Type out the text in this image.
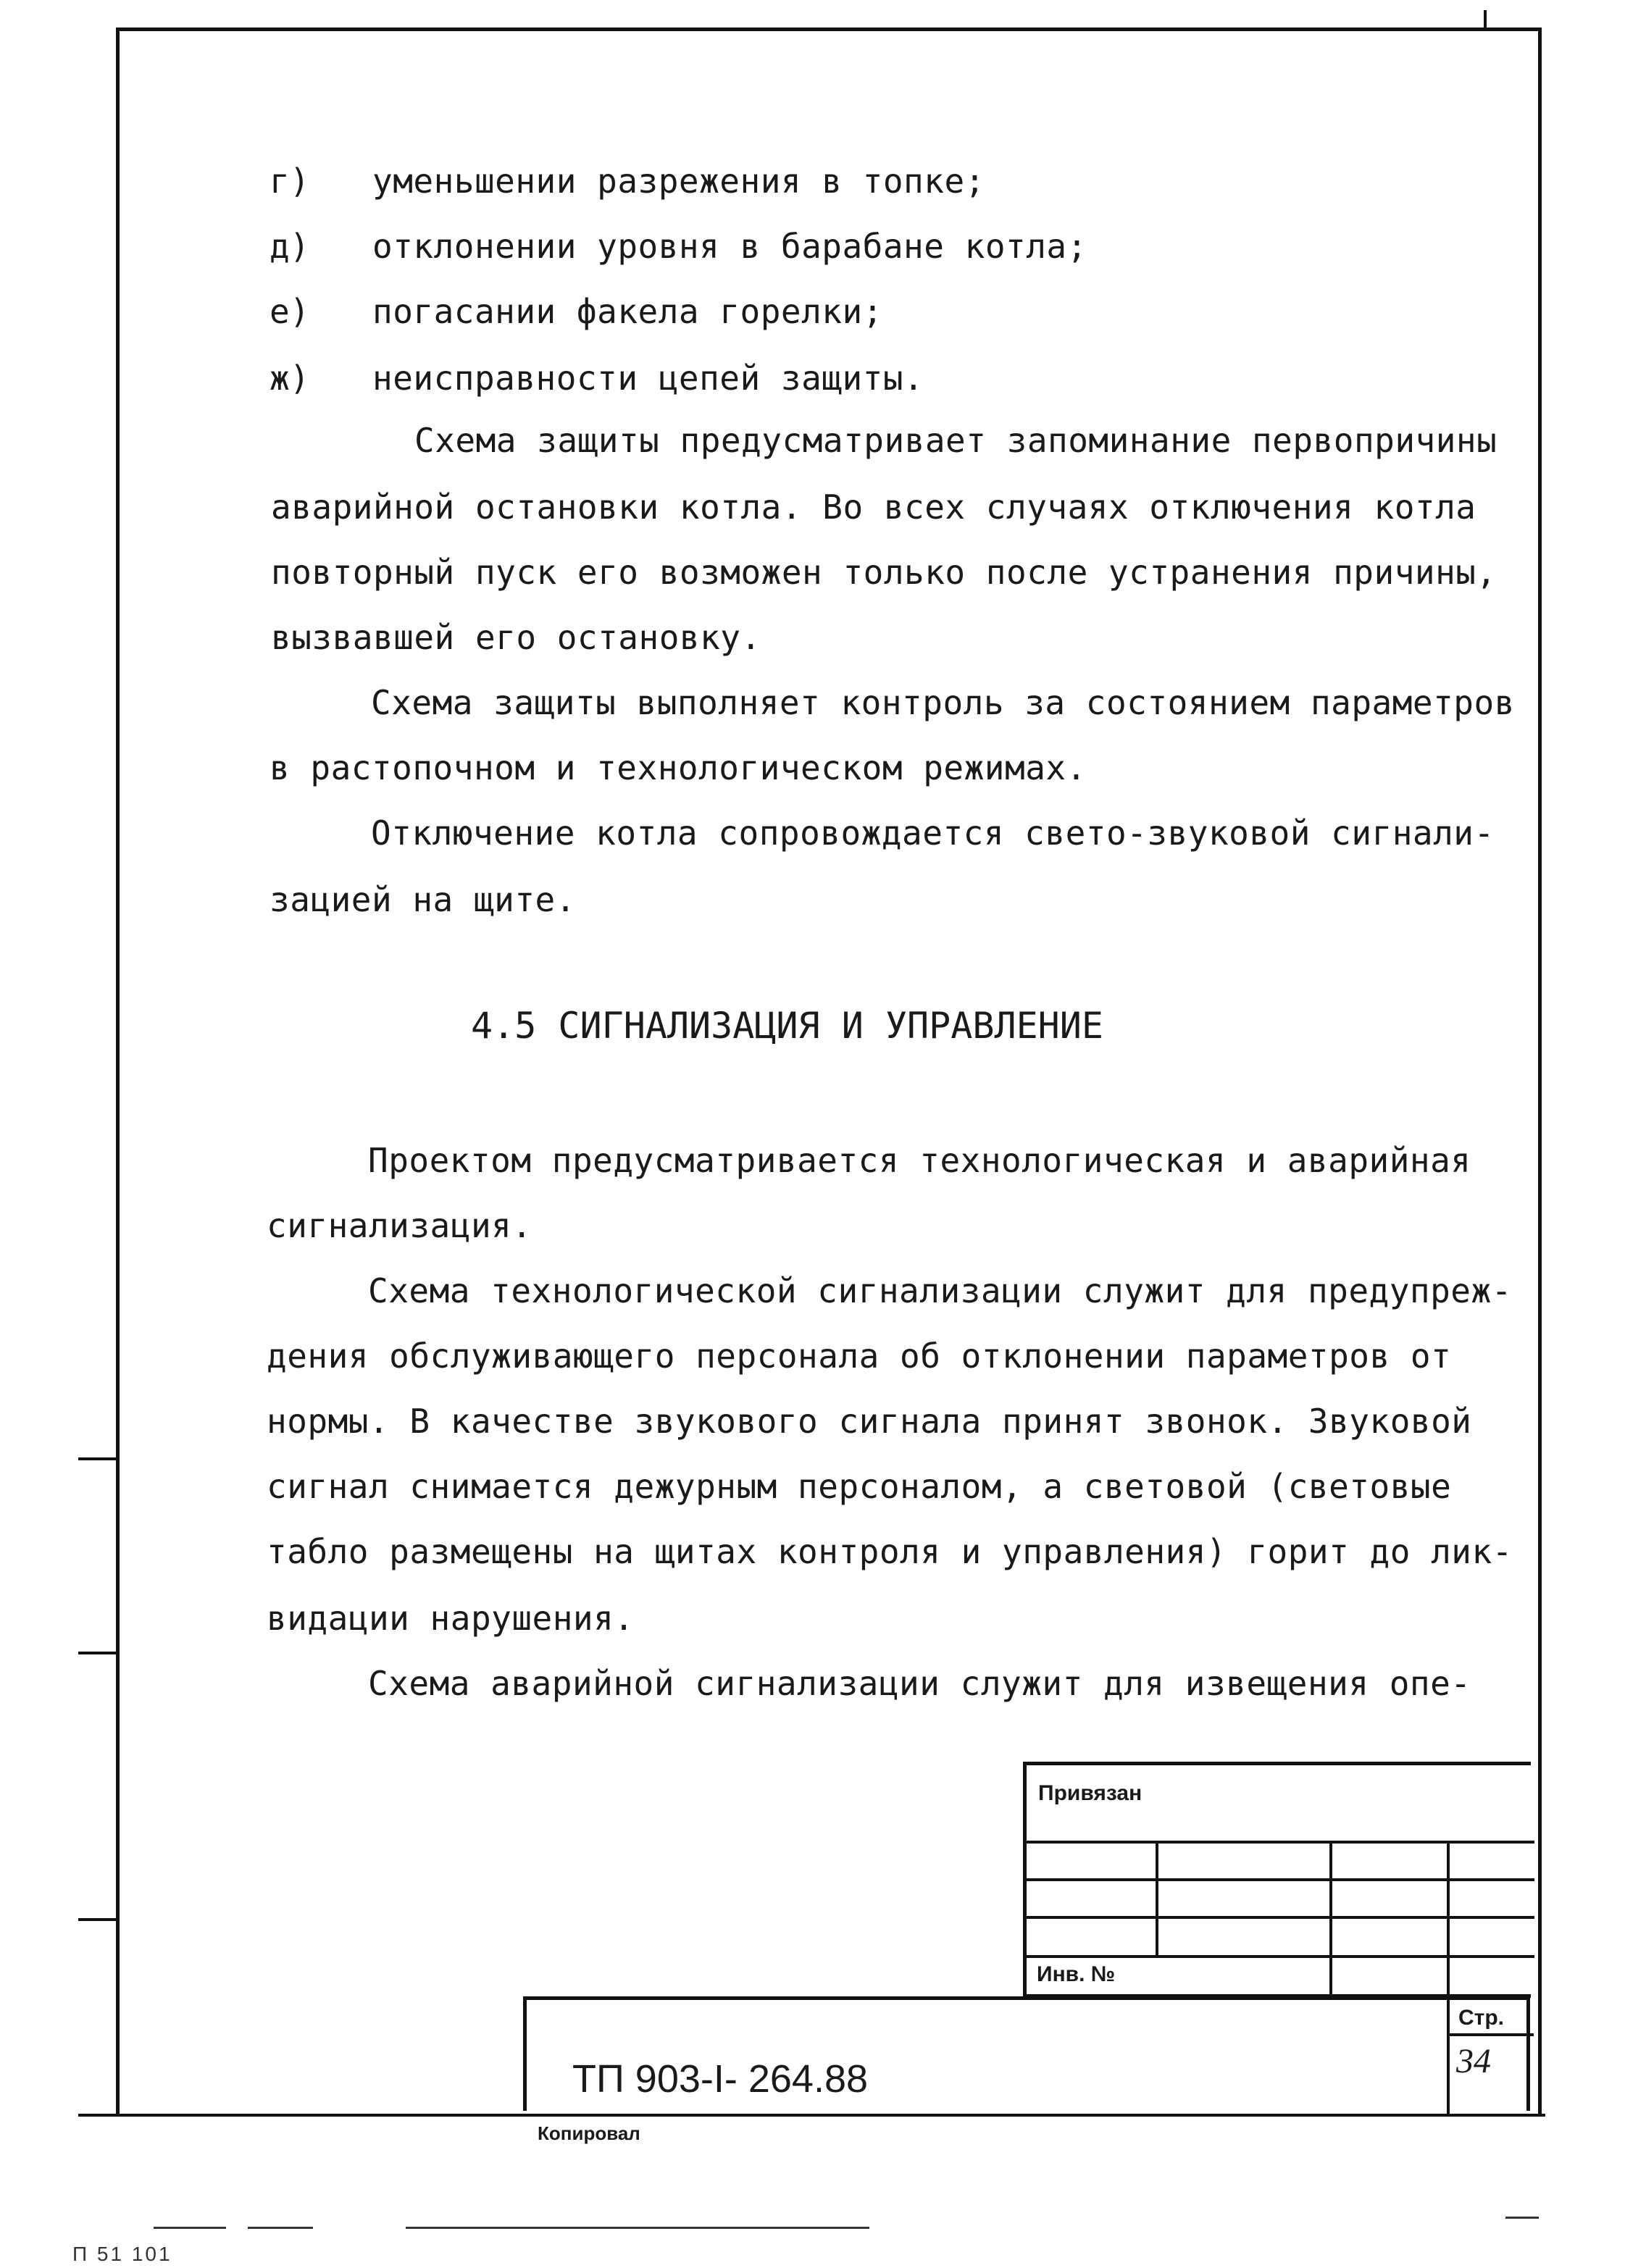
г) уменьшении разрежения в топке;
д) отклонении уровня в барабане котла;
е) погасании факела горелки;
ж) неисправности цепей защиты.
Схема защиты предусматривает запоминание первопричины
аварийной остановки котла. Во всех случаях отключения котла
повторный пуск его возможен только после устранения причины,
вызвавшей его остановку.
Схема защиты выполняет контроль за состоянием параметров
в растопочном и технологическом режимах.
Отключение котла сопровождается свето-звуковой сигнали-
зацией на щите.
4.5 СИГНАЛИЗАЦИЯ И УПРАВЛЕНИЕ
Проектом предусматривается технологическая и аварийная
сигнализация.
Схема технологической сигнализации служит для предупреж-
дения обслуживающего персонала об отклонении параметров от
нормы. В качестве звукового сигнала принят звонок. Звуковой
сигнал снимается дежурным персоналом, а световой (световые
табло размещены на щитах контроля и управления) горит до лик-
видации нарушения.
Схема аварийной сигнализации служит для извещения опе-
Привязан
Инв. №
Стр.
ТП 903-I- 264.88	34
Копировал
П 51 101
